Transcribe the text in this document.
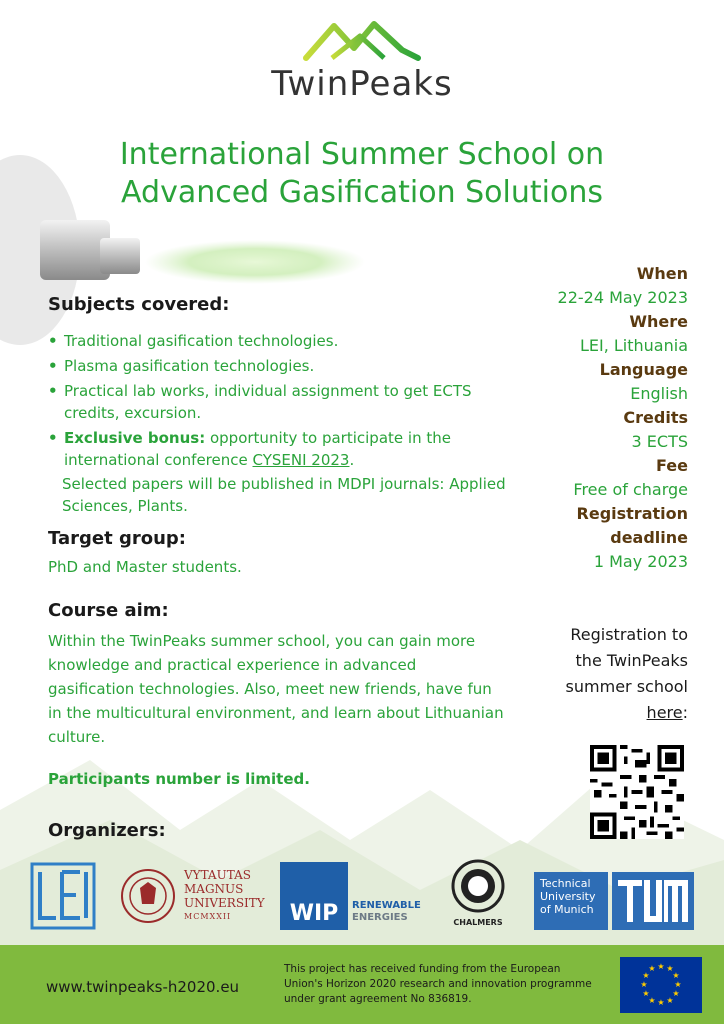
TwinPeaks
International Summer School on
Advanced Gasification Solutions
Subjects covered:
• Traditional gasification technologies.
• Plasma gasification technologies.
• Practical lab works, individual assignment to get ECTS credits, excursion.
• Exclusive bonus: opportunity to participate in the international conference CYSENI 2023.
Selected papers will be published in MDPI journals: Applied Sciences, Plants.
Target group:
PhD and Master students.
Course aim:
Within the TwinPeaks summer school, you can gain more knowledge and practical experience in advanced gasification technologies. Also, meet new friends, have fun in the multicultural environment, and learn about Lithuanian culture.
Participants number is limited.
Organizers:
When
22-24 May 2023
Where
LEI, Lithuania
Language
English
Credits
3 ECTS
Fee
Free of charge
Registration
deadline
1 May 2023
Registration to
the TwinPeaks
summer school
here:
LEI
VYTAUTAS
MAGNUS
UNIVERSITY
MCMXXII	WIP	RENEWABLE
ENERGIES	CHALMERS
Technical University of Munich
www.twinpeaks-h2020.eu
This project has received funding from the European Union's Horizon 2020 research and innovation programme under grant agreement No 836819.
★ ★
★
★
★
★
★
★
★
★
★
★
